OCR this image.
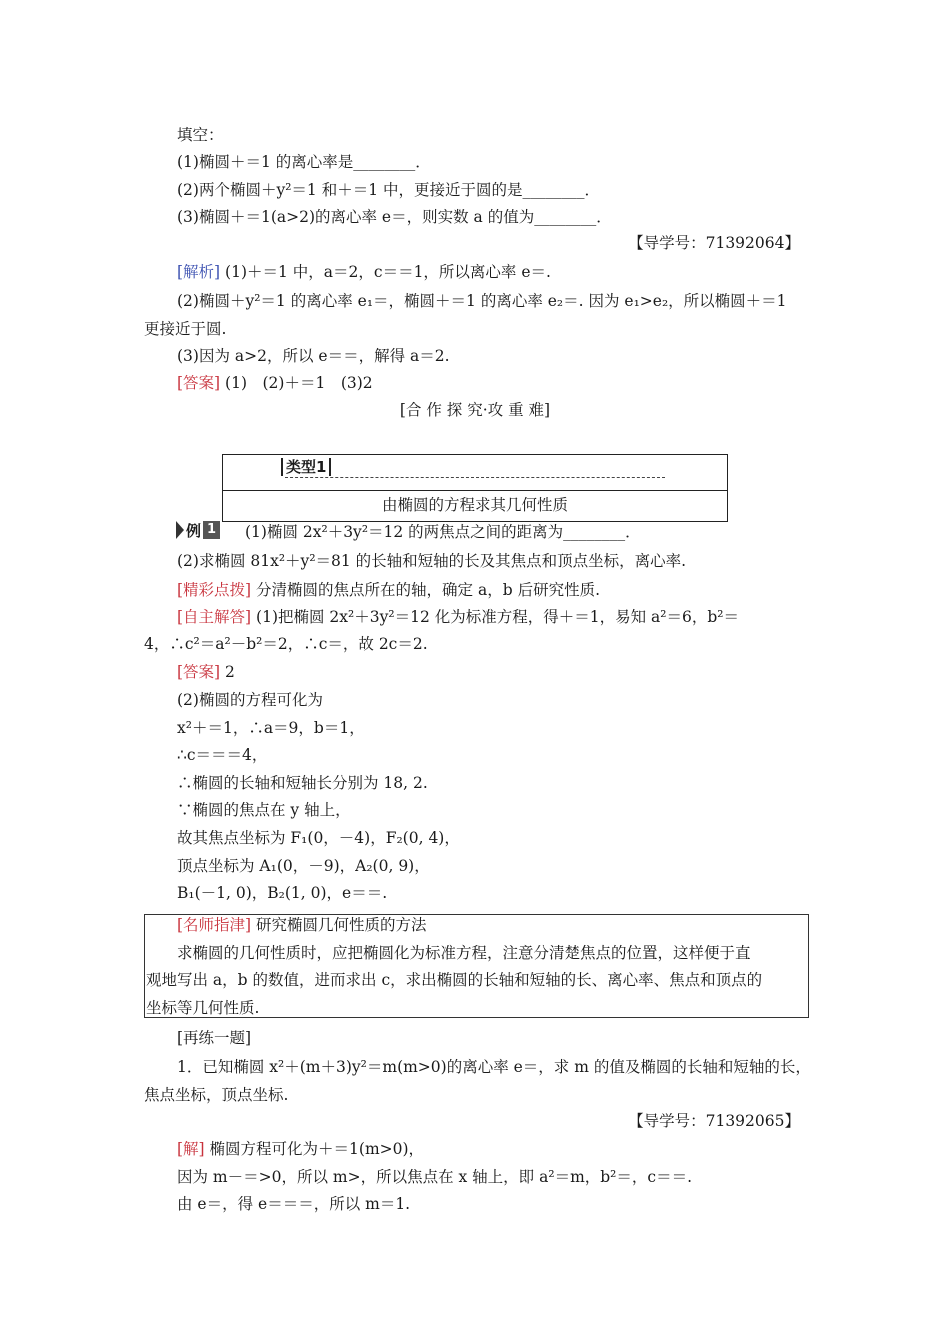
填空：
(1)椭圆＋＝1 的离心率是________．
(2)两个椭圆＋y²＝1 和＋＝1 中，更接近于圆的是________．
(3)椭圆＋＝1(a>2)的离心率 e＝，则实数 a 的值为________．
【导学号：71392064】
[解析] (1)＋＝1 中，a＝2，c＝＝1，所以离心率 e＝.
(2)椭圆＋y²＝1 的离心率 e₁＝，椭圆＋＝1 的离心率 e₂＝. 因为 e₁>e₂，所以椭圆＋＝1
更接近于圆.
(3)因为 a>2，所以 e＝＝，解得 a＝2.
[答案] (1)　(2)＋＝1　(3)2
[合 作 探 究·攻 重 难]
类型1
由椭圆的方程求其几何性质
例 1 (1)椭圆 2x²＋3y²＝12 的两焦点之间的距离为________．
(2)求椭圆 81x²＋y²＝81 的长轴和短轴的长及其焦点和顶点坐标，离心率.
[精彩点拨] 分清椭圆的焦点所在的轴，确定 a，b 后研究性质.
[自主解答] (1)把椭圆 2x²＋3y²＝12 化为标准方程，得＋＝1，易知 a²＝6，b²＝
4，∴c²＝a²－b²＝2，∴c＝，故 2c＝2.
[答案] 2
(2)椭圆的方程可化为
x²＋＝1，∴a＝9，b＝1，
∴c＝＝＝4，
∴椭圆的长轴和短轴长分别为 18, 2.
∵椭圆的焦点在 y 轴上，
故其焦点坐标为 F₁(0，－4)，F₂(0, 4)，
顶点坐标为 A₁(0，－9)，A₂(0, 9)，
B₁(－1, 0)，B₂(1, 0)，e＝＝.
[名师指津] 研究椭圆几何性质的方法
求椭圆的几何性质时，应把椭圆化为标准方程，注意分清楚焦点的位置，这样便于直
观地写出 a，b 的数值，进而求出 c，求出椭圆的长轴和短轴的长、离心率、焦点和顶点的
坐标等几何性质.
[再练一题]
1．已知椭圆 x²＋(m＋3)y²＝m(m>0)的离心率 e＝，求 m 的值及椭圆的长轴和短轴的长，
焦点坐标，顶点坐标.
【导学号：71392065】
[解] 椭圆方程可化为＋＝1(m>0)，
因为 m－＝>0，所以 m>，所以焦点在 x 轴上，即 a²＝m，b²＝，c＝＝.
由 e＝，得 e＝＝＝，所以 m＝1.
